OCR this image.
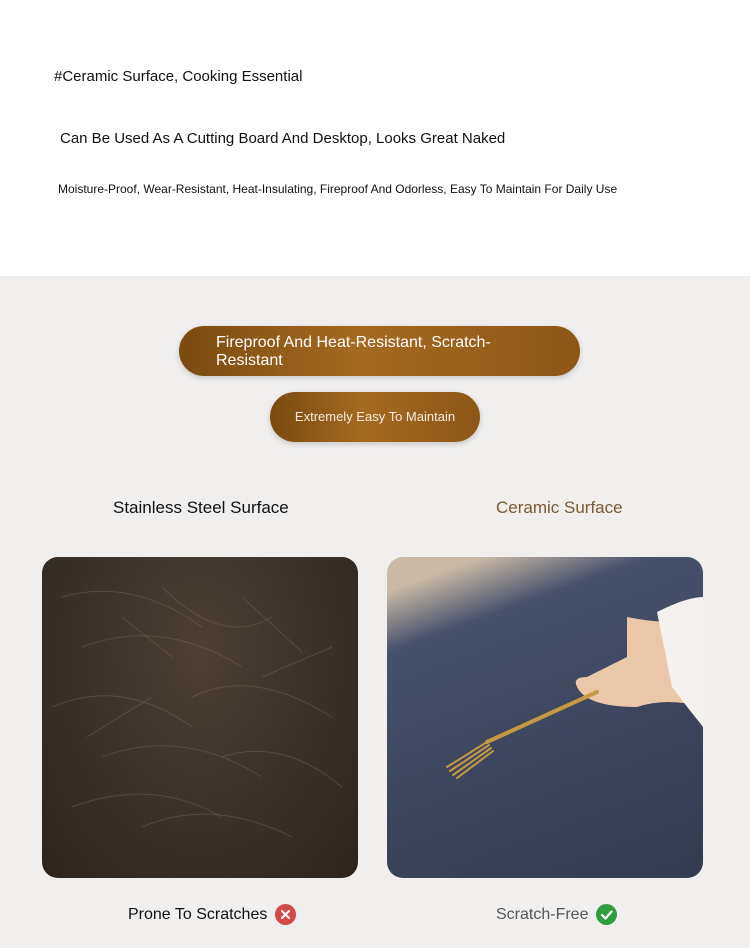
#Ceramic Surface, Cooking Essential
Can Be Used As A Cutting Board And Desktop, Looks Great Naked
Moisture-Proof, Wear-Resistant, Heat-Insulating, Fireproof And Odorless, Easy To Maintain For Daily Use
Fireproof And Heat-Resistant, Scratch-Resistant
Extremely Easy To Maintain
Stainless Steel Surface	Ceramic Surface
Prone To Scratches	Scratch-Free
